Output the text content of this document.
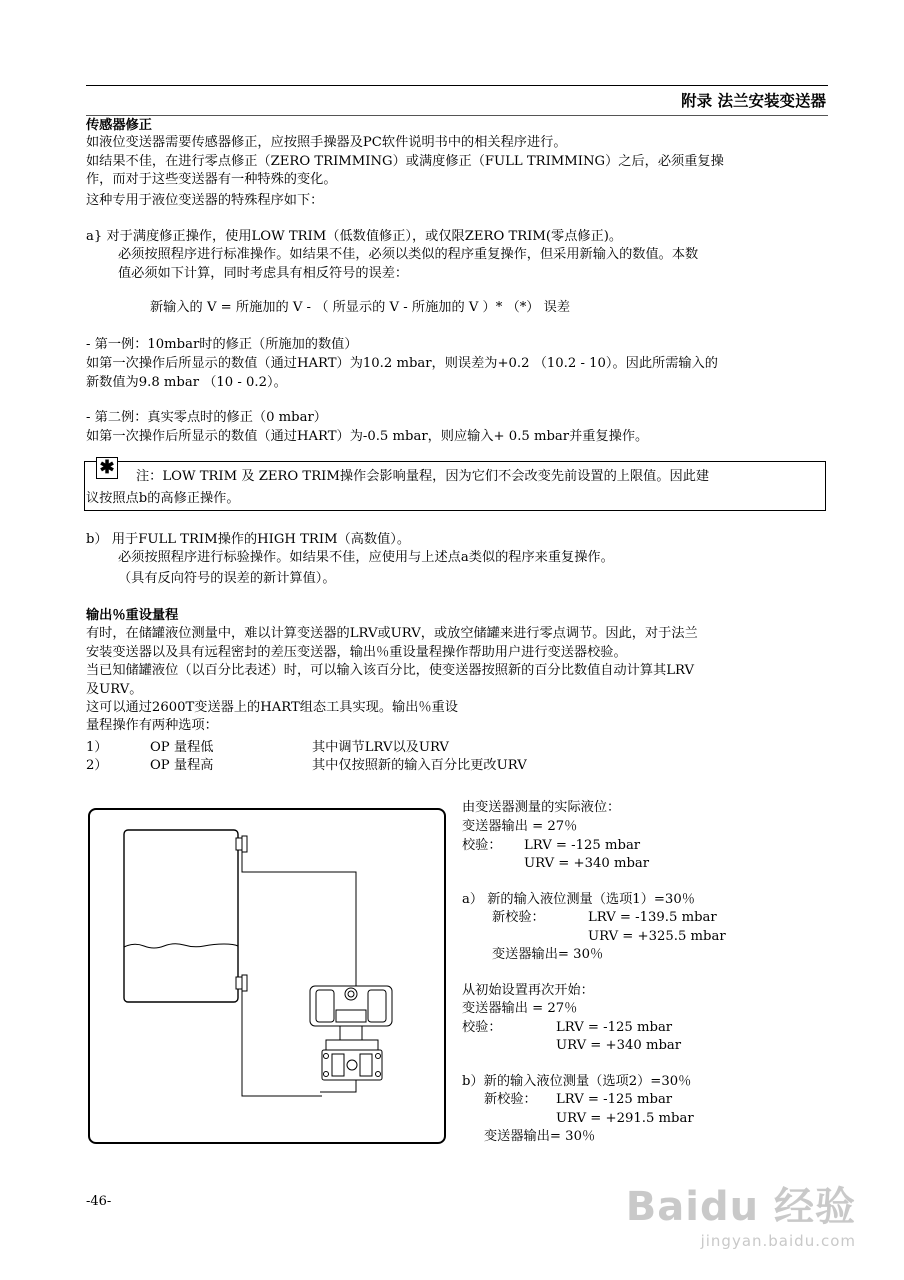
附录 法兰安装变送器
传感器修正
如液位变送器需要传感器修正，应按照手操器及PC软件说明书中的相关程序进行。
如结果不佳，在进行零点修正（ZERO TRIMMING）或满度修正（FULL TRIMMING）之后，必须重复操
作，而对于这些变送器有一种特殊的变化。
这种专用于液位变送器的特殊程序如下：
a} 对于满度修正操作，使用LOW TRIM（低数值修正），或仅限ZERO TRIM(零点修正)。
必须按照程序进行标准操作。如结果不佳，必须以类似的程序重复操作，但采用新输入的数值。本数
值必须如下计算，同时考虑具有相反符号的误差：
新输入的 V = 所施加的 V - （ 所显示的 V - 所施加的 V ）* （*） 误差
- 第一例：10mbar时的修正（所施加的数值）
如第一次操作后所显示的数值（通过HART）为10.2 mbar，则误差为+0.2 （10.2 - 10）。因此所需输入的
新数值为9.8 mbar （10 - 0.2）。
- 第二例：真实零点时的修正（0 mbar）
如第一次操作后所显示的数值（通过HART）为-0.5 mbar，则应输入+ 0.5 mbar并重复操作。
✱ 注：LOW TRIM 及 ZERO TRIM操作会影响量程，因为它们不会改变先前设置的上限值。因此建
议按照点b的高修正操作。
b） 用于FULL TRIM操作的HIGH TRIM（高数值）。
必须按照程序进行标验操作。如结果不佳，应使用与上述点a类似的程序来重复操作。
（具有反向符号的误差的新计算值）。
输出％重设量程
有时，在储罐液位测量中，难以计算变送器的LRV或URV，或放空储罐来进行零点调节。因此，对于法兰
安装变送器以及具有远程密封的差压变送器，输出％重设量程操作帮助用户进行变送器校验。
当已知储罐液位（以百分比表述）时，可以输入该百分比，使变送器按照新的百分比数值自动计算其LRV
及URV。
这可以通过2600T变送器上的HART组态工具实现。输出％重设
量程操作有两种选项：
1）	OP 量程低	其中调节LRV以及URV
2）	OP 量程高	其中仅按照新的输入百分比更改URV
由变送器测量的实际液位：
变送器输出 = 27％
校验： LRV = -125 mbar
URV = +340 mbar
a） 新的输入液位测量（选项1）=30％
新校验：	LRV = -139.5 mbar
URV = +325.5 mbar
变送器输出= 30％
从初始设置再次开始：
变送器输出 = 27％
校验：	LRV = -125 mbar
URV = +340 mbar
b）新的输入液位测量（选项2）=30％
新校验： LRV = -125 mbar
URV = +291.5 mbar
变送器输出= 30％
-46-	Baidu 经验
jingyan.baidu.com
